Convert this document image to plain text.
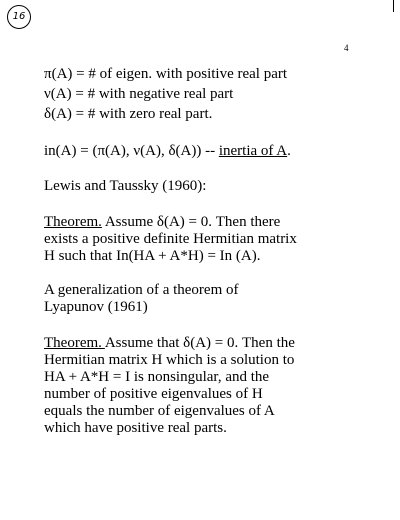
16
4
π(A) = # of eigen. with positive real part
ν(A) = # with negative real part
δ(A) = # with zero real part.
in(A) = (π(A), ν(A), δ(A)) -- inertia of A.
Lewis and Taussky (1960):
Theorem. Assume δ(A) = 0. Then there
exists a positive definite Hermitian matrix
H such that In(HA + A*H) = In (A).
A generalization of a theorem of
Lyapunov (1961)
Theorem. Assume that δ(A) = 0. Then the
Hermitian matrix H which is a solution to
HA + A*H = I is nonsingular, and the
number of positive eigenvalues of H
equals the number of eigenvalues of A
which have positive real parts.
